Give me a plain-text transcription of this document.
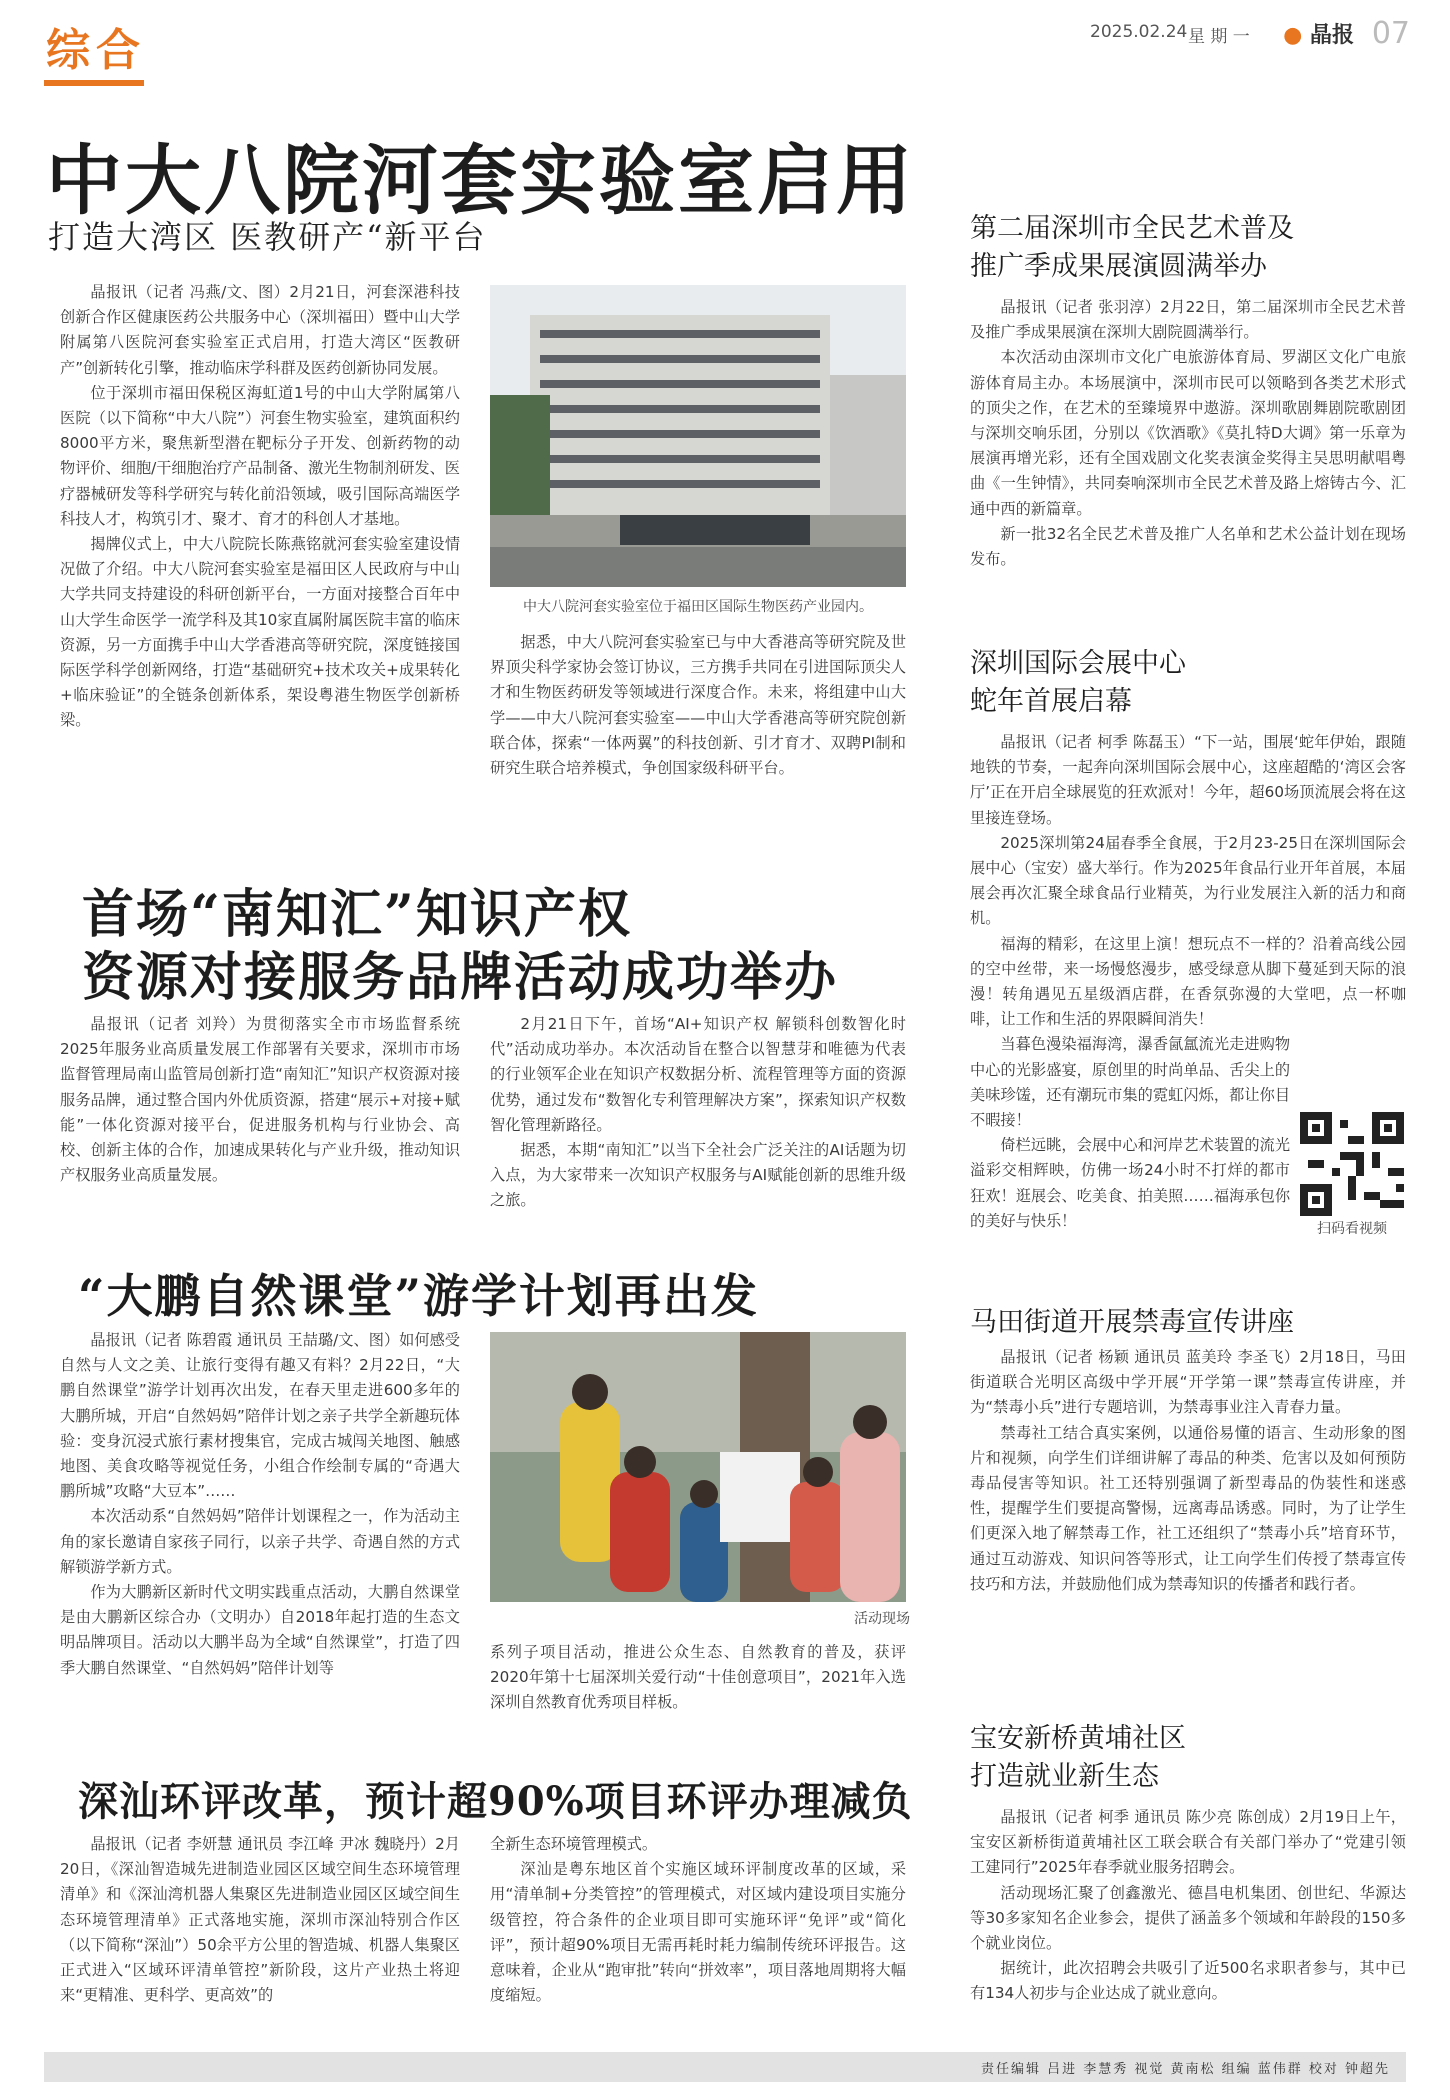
综合	2025.02.24 星 期 一 ● 晶报 07
中大八院河套实验室启用
打造大湾区 医教研产“新平台

晶报讯（记者 冯燕/文、图）2月21日，河套深港科技创新合作区健康医药公共服务中心（深圳福田）暨中山大学附属第八医院河套实验室正式启用，打造大湾区“医教研产”创新转化引擎，推动临床学科群及医药创新协同发展。

位于深圳市福田保税区海虹道1号的中山大学附属第八医院（以下简称“中大八院”）河套生物实验室，建筑面积约8000平方米，聚焦新型潜在靶标分子开发、创新药物的动物评价、细胞/干细胞治疗产品制备、激光生物制剂研发、医疗器械研发等科学研究与转化前沿领域，吸引国际高端医学科技人才，构筑引才、聚才、育才的科创人才基地。

揭牌仪式上，中大八院院长陈燕铭就河套实验室建设情况做了介绍。中大八院河套实验室是福田区人民政府与中山大学共同支持建设的科研创新平台，一方面对接整合百年中山大学生命医学一流学科及其10家直属附属医院丰富的临床资源，另一方面携手中山大学香港高等研究院，深度链接国际医学科学创新网络，打造“基础研究+技术攻关+成果转化+临床验证”的全链条创新体系，架设粤港生物医学创新桥梁。

中大八院河套实验室位于福田区国际生物医药产业园内。

据悉，中大八院河套实验室已与中大香港高等研究院及世界顶尖科学家协会签订协议，三方携手共同在引进国际顶尖人才和生物医药研发等领域进行深度合作。未来，将组建中山大学——中大八院河套实验室——中山大学香港高等研究院创新联合体，探索“一体两翼”的科技创新、引才育才、双聘PI制和研究生联合培养模式，争创国家级科研平台。

首场“南知汇”知识产权
资源对接服务品牌活动成功举办

晶报讯（记者 刘羚）为贯彻落实全市市场监督系统2025年服务业高质量发展工作部署有关要求，深圳市市场监督管理局南山监管局创新打造“南知汇”知识产权资源对接服务品牌，通过整合国内外优质资源，搭建“展示+对接+赋能”一体化资源对接平台，促进服务机构与行业协会、高校、创新主体的合作，加速成果转化与产业升级，推动知识产权服务业高质量发展。

2月21日下午，首场“AI+知识产权 解锁科创数智化时代”活动成功举办。本次活动旨在整合以智慧芽和唯德为代表的行业领军企业在知识产权数据分析、流程管理等方面的资源优势，通过发布“数智化专利管理解决方案”，探索知识产权数智化管理新路径。

据悉，本期“南知汇”以当下全社会广泛关注的AI话题为切入点，为大家带来一次知识产权服务与AI赋能创新的思维升级之旅。

“大鹏自然课堂”游学计划再出发

晶报讯（记者 陈碧霞 通讯员 王喆璐/文、图）如何感受自然与人文之美、让旅行变得有趣又有料？2月22日，“大鹏自然课堂”游学计划再次出发，在春天里走进600多年的大鹏所城，开启“自然妈妈”陪伴计划之亲子共学全新趣玩体验：变身沉浸式旅行素材搜集官，完成古城闯关地图、触感地图、美食攻略等视觉任务，小组合作绘制专属的“奇遇大鹏所城”攻略“大豆本”……

本次活动系“自然妈妈”陪伴计划课程之一，作为活动主角的家长邀请自家孩子同行，以亲子共学、奇遇自然的方式解锁游学新方式。

作为大鹏新区新时代文明实践重点活动，大鹏自然课堂是由大鹏新区综合办（文明办）自2018年起打造的生态文明品牌项目。活动以大鹏半岛为全域“自然课堂”，打造了四季大鹏自然课堂、“自然妈妈”陪伴计划等

活动现场

系列子项目活动，推进公众生态、自然教育的普及，获评2020年第十七届深圳关爱行动“十佳创意项目”，2021年入选深圳自然教育优秀项目样板。

深汕环评改革，预计超90%项目环评办理减负

晶报讯（记者 李妍慧 通讯员 李江峰 尹冰 魏晓丹）2月20日，《深汕智造城先进制造业园区区域空间生态环境管理清单》和《深汕湾机器人集聚区先进制造业园区区域空间生态环境管理清单》正式落地实施，深圳市深汕特别合作区（以下简称“深汕”）50余平方公里的智造城、机器人集聚区正式进入“区域环评清单管控”新阶段，这片产业热土将迎来“更精准、更科学、更高效”的

全新生态环境管理模式。

深汕是粤东地区首个实施区域环评制度改革的区域，采用“清单制+分类管控”的管理模式，对区域内建设项目实施分级管控，符合条件的企业项目即可实施环评“免评”或“简化评”，预计超90%项目无需再耗时耗力编制传统环评报告。这意味着，企业从“跑审批”转向“拼效率”，项目落地周期将大幅度缩短。

第二届深圳市全民艺术普及
推广季成果展演圆满举办

晶报讯（记者 张羽淳）2月22日，第二届深圳市全民艺术普及推广季成果展演在深圳大剧院圆满举行。

本次活动由深圳市文化广电旅游体育局、罗湖区文化广电旅游体育局主办。本场展演中，深圳市民可以领略到各类艺术形式的顶尖之作，在艺术的至臻境界中遨游。深圳歌剧舞剧院歌剧团与深圳交响乐团，分别以《饮酒歌》《莫扎特D大调》第一乐章为展演再增光彩，还有全国戏剧文化奖表演金奖得主吴思明献唱粤曲《一生钟情》，共同奏响深圳市全民艺术普及路上熔铸古今、汇通中西的新篇章。

新一批32名全民艺术普及推广人名单和艺术公益计划在现场发布。

深圳国际会展中心
蛇年首展启幕

晶报讯（记者 柯季 陈磊玉）“下一站，围展‘蛇年伊始，跟随地铁的节奏，一起奔向深圳国际会展中心，这座超酷的‘湾区会客厅’正在开启全球展览的狂欢派对！今年，超60场顶流展会将在这里接连登场。

2025深圳第24届春季全食展，于2月23-25日在深圳国际会展中心（宝安）盛大举行。作为2025年食品行业开年首展，本届展会再次汇聚全球食品行业精英，为行业发展注入新的活力和商机。

福海的精彩，在这里上演！想玩点不一样的？沿着高线公园的空中丝带，来一场慢悠漫步，感受绿意从脚下蔓延到天际的浪漫！转角遇见五星级酒店群，在香氛弥漫的大堂吧，点一杯咖啡，让工作和生活的界限瞬间消失！

当暮色漫染福海湾，瀑香氤氲流光走进购物中心的光影盛宴，原创里的时尚单品、舌尖上的美味珍馐，还有潮玩市集的霓虹闪烁，都让你目不暇接！

倚栏远眺，会展中心和河岸艺术装置的流光溢彩交相辉映，仿佛一场24小时不打烊的都市狂欢！逛展会、吃美食、拍美照……福海承包你的美好与快乐！	扫码看视频
马田街道开展禁毒宣传讲座

晶报讯（记者 杨颖 通讯员 蓝美玲 李圣飞）2月18日，马田街道联合光明区高级中学开展“开学第一课”禁毒宣传讲座，并为“禁毒小兵”进行专题培训，为禁毒事业注入青春力量。

禁毒社工结合真实案例，以通俗易懂的语言、生动形象的图片和视频，向学生们详细讲解了毒品的种类、危害以及如何预防毒品侵害等知识。社工还特别强调了新型毒品的伪装性和迷惑性，提醒学生们要提高警惕，远离毒品诱惑。同时，为了让学生们更深入地了解禁毒工作，社工还组织了“禁毒小兵”培育环节，通过互动游戏、知识问答等形式，让工向学生们传授了禁毒宣传技巧和方法，并鼓励他们成为禁毒知识的传播者和践行者。

宝安新桥黄埔社区
打造就业新生态

晶报讯（记者 柯季 通讯员 陈少亮 陈创成）2月19日上午，宝安区新桥街道黄埔社区工联会联合有关部门举办了“党建引领 工建同行”2025年春季就业服务招聘会。

活动现场汇聚了创鑫激光、德昌电机集团、创世纪、华源达等30多家知名企业参会，提供了涵盖多个领域和年龄段的150多个就业岗位。

据统计，此次招聘会共吸引了近500名求职者参与，其中已有134人初步与企业达成了就业意向。

责任编辑 吕进 李慧秀 视觉 黄南松 组编 蓝伟群 校对 钟超先
